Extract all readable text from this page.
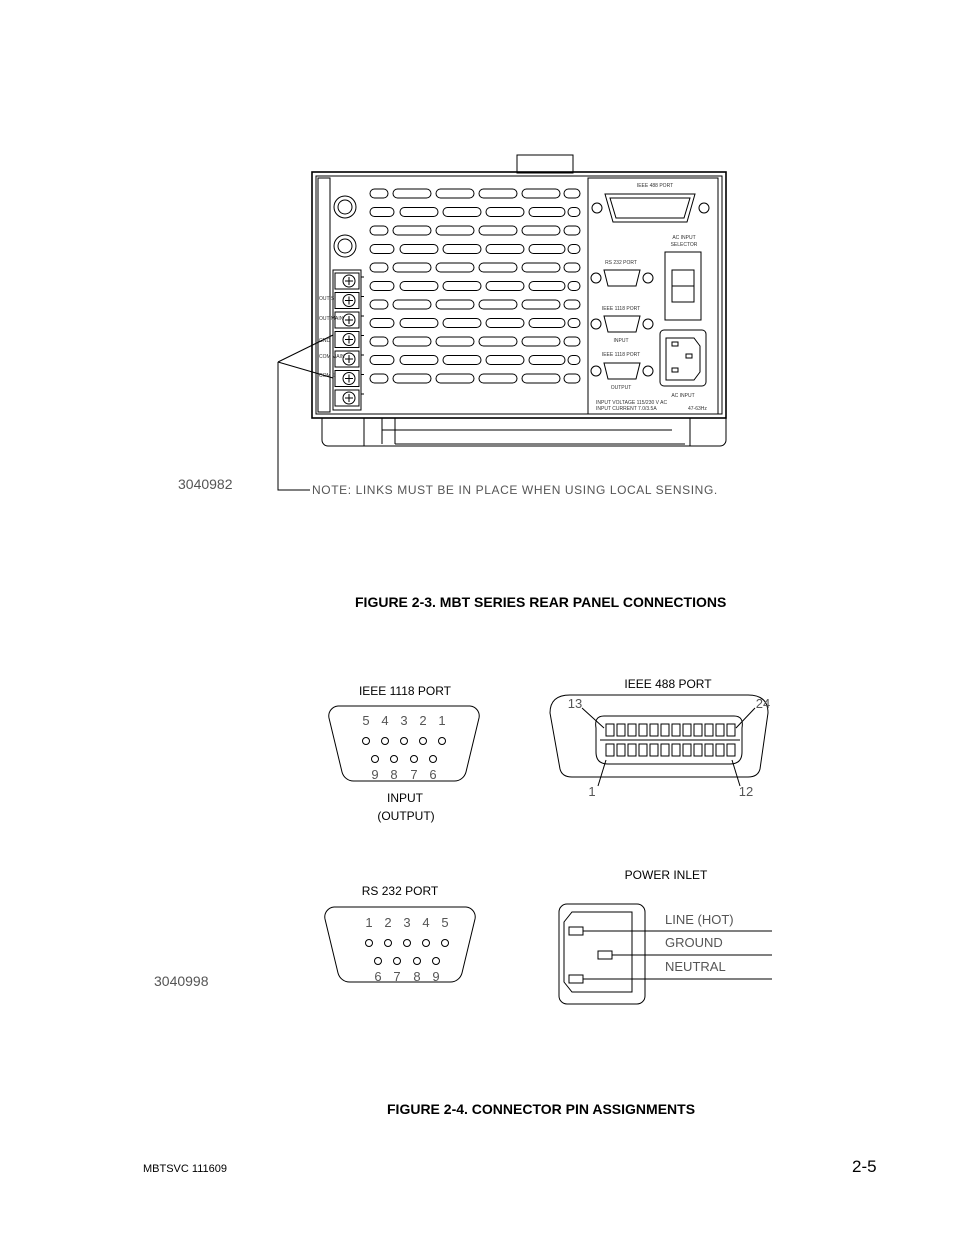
IEEE 488 PORT
AC INPUT
SELECTOR
RS 232 PORT
IEEE 1118 PORT
INPUT
IEEE 1118 PORT
OUTPUT
AC INPUT
INPUT VOLTAGE 115/230 V AC
INPUT CURRENT 7.0/3.5A	47-63Hz
OUT S
OUT MAIN
GND
COM MAIN
COM S
3040982	NOTE: LINKS MUST BE IN PLACE WHEN USING LOCAL SENSING.
IEEE 1118 PORT
5 4 3 2 1
9 8 7 6
INPUT
(OUTPUT)
IEEE 488 PORT
13	24
1	12
RS 232 PORT
1 2 3 4 5
6 7 8 9
3040998
POWER INLET
LINE (HOT)
GROUND
NEUTRAL
FIGURE 2-3. MBT SERIES REAR PANEL CONNECTIONS
FIGURE 2-4. CONNECTOR PIN ASSIGNMENTS
MBTSVC 111609	2-5
